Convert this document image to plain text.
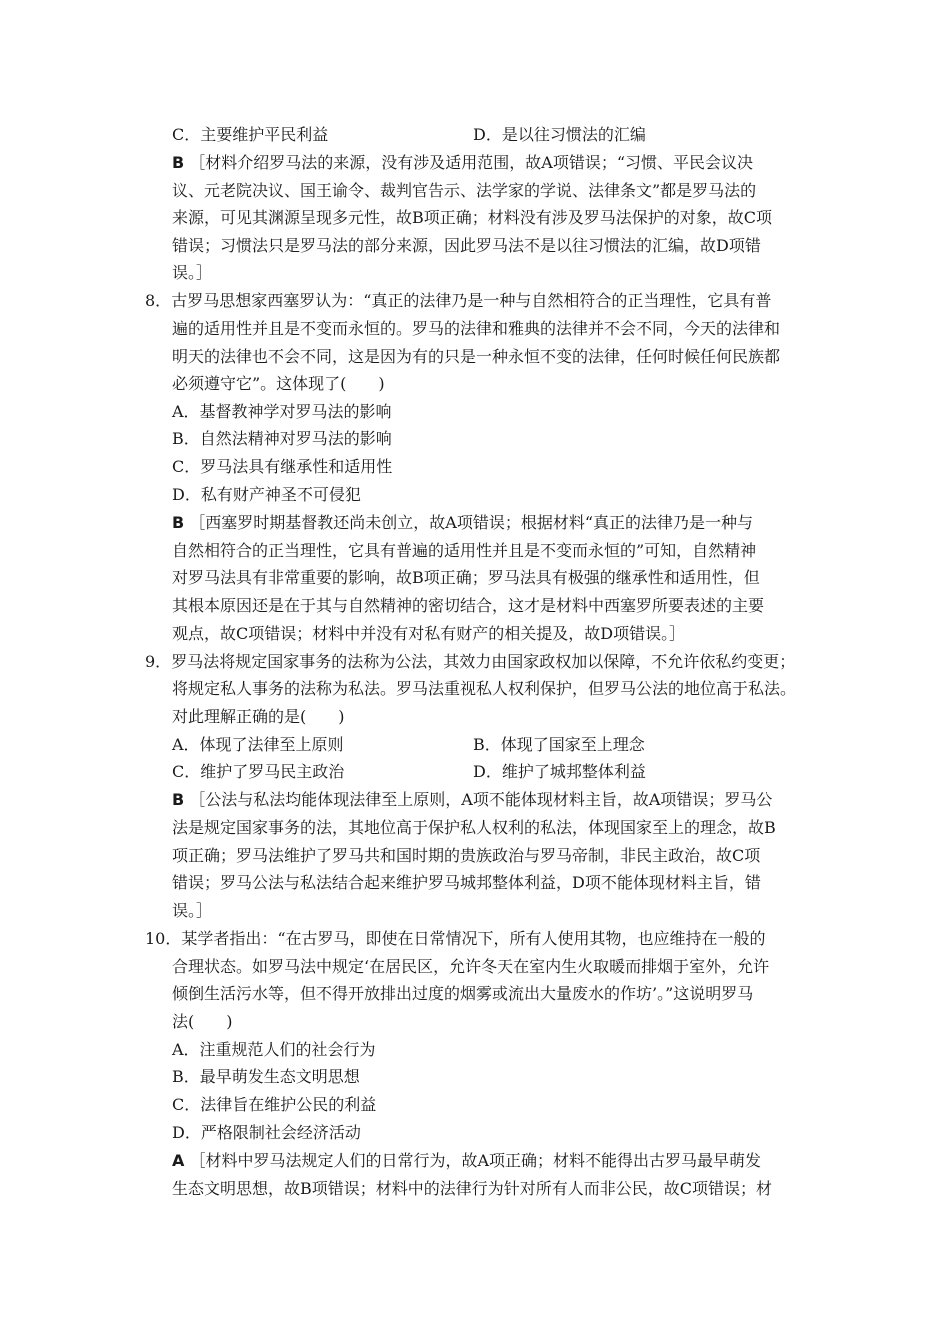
C．主要维护平民利益	D．是以往习惯法的汇编
B ［材料介绍罗马法的来源，没有涉及适用范围，故A项错误；“习惯、平民会议决
议、元老院决议、国王谕令、裁判官告示、法学家的学说、法律条文”都是罗马法的
来源，可见其渊源呈现多元性，故B项正确；材料没有涉及罗马法保护的对象，故C项
错误；习惯法只是罗马法的部分来源，因此罗马法不是以往习惯法的汇编，故D项错
误。］
8．古罗马思想家西塞罗认为：“真正的法律乃是一种与自然相符合的正当理性，它具有普
遍的适用性并且是不变而永恒的。罗马的法律和雅典的法律并不会不同，今天的法律和
明天的法律也不会不同，这是因为有的只是一种永恒不变的法律，任何时候任何民族都
必须遵守它”。这体现了(　　)
A．基督教神学对罗马法的影响
B．自然法精神对罗马法的影响
C．罗马法具有继承性和适用性
D．私有财产神圣不可侵犯
B ［西塞罗时期基督教还尚未创立，故A项错误；根据材料“真正的法律乃是一种与
自然相符合的正当理性，它具有普遍的适用性并且是不变而永恒的”可知，自然精神
对罗马法具有非常重要的影响，故B项正确；罗马法具有极强的继承性和适用性，但
其根本原因还是在于其与自然精神的密切结合，这才是材料中西塞罗所要表述的主要
观点，故C项错误；材料中并没有对私有财产的相关提及，故D项错误。］
9．罗马法将规定国家事务的法称为公法，其效力由国家政权加以保障，不允许依私约变更；
将规定私人事务的法称为私法。罗马法重视私人权利保护，但罗马公法的地位高于私法。
对此理解正确的是(　　)
A．体现了法律至上原则	B．体现了国家至上理念
C．维护了罗马民主政治	D．维护了城邦整体利益
B ［公法与私法均能体现法律至上原则，A项不能体现材料主旨，故A项错误；罗马公
法是规定国家事务的法，其地位高于保护私人权利的私法，体现国家至上的理念，故B
项正确；罗马法维护了罗马共和国时期的贵族政治与罗马帝制，非民主政治，故C项
错误；罗马公法与私法结合起来维护罗马城邦整体利益，D项不能体现材料主旨，错
误。］
10．某学者指出：“在古罗马，即使在日常情况下，所有人使用其物，也应维持在一般的
合理状态。如罗马法中规定‘在居民区，允许冬天在室内生火取暖而排烟于室外，允许
倾倒生活污水等，但不得开放排出过度的烟雾或流出大量废水的作坊’。”这说明罗马
法(　　)
A．注重规范人们的社会行为
B．最早萌发生态文明思想
C．法律旨在维护公民的利益
D．严格限制社会经济活动
A ［材料中罗马法规定人们的日常行为，故A项正确；材料不能得出古罗马最早萌发
生态文明思想，故B项错误；材料中的法律行为针对所有人而非公民，故C项错误；材
